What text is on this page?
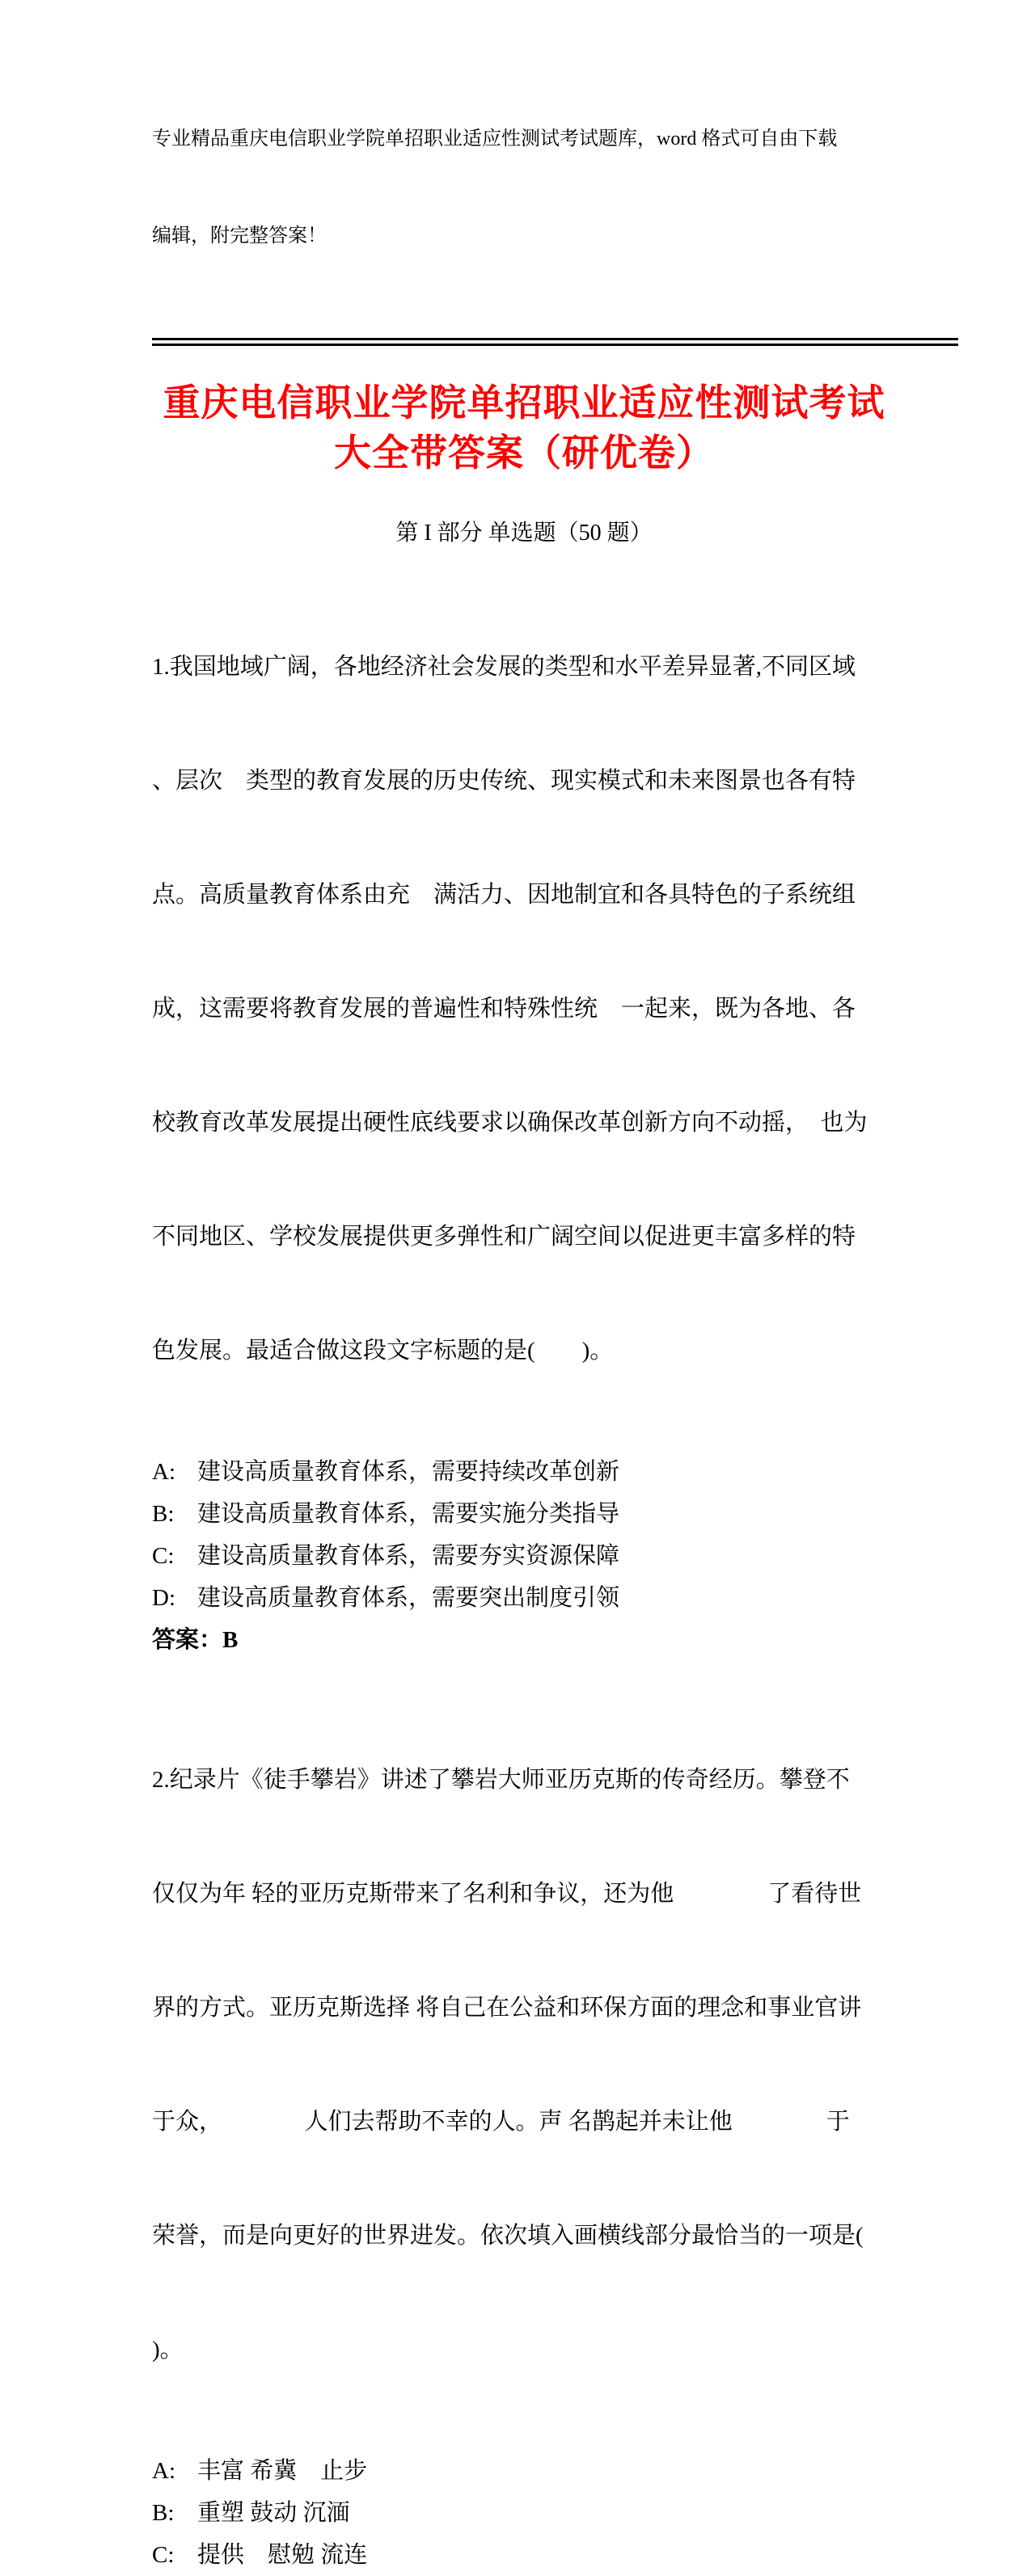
专业精品重庆电信职业学院单招职业适应性测试考试题库，word 格式可自由下载

编辑，附完整答案！

重庆电信职业学院单招职业适应性测试考试
大全带答案（研优卷）
第 I 部分 单选题（50 题）

1.我国地域广阔，各地经济社会发展的类型和水平差异显著,不同区域

、层次　类型的教育发展的历史传统、现实模式和未来图景也各有特

点。高质量教育体系由充　满活力、因地制宜和各具特色的子系统组

成，这需要将教育发展的普遍性和特殊性统　一起来，既为各地、各

校教育改革发展提出硬性底线要求以确保改革创新方向不动摇，　也为

不同地区、学校发展提供更多弹性和广阔空间以促进更丰富多样的特

色发展。最适合做这段文字标题的是(　　)。

A: 建设高质量教育体系，需要持续改革创新
B: 建设高质量教育体系，需要实施分类指导
C: 建设高质量教育体系，需要夯实资源保障
D: 建设高质量教育体系，需要突出制度引领
答案：B

2.纪录片《徒手攀岩》讲述了攀岩大师亚历克斯的传奇经历。攀登不

仅仅为年 轻的亚历克斯带来了名利和争议，还为他　　　　了看待世

界的方式。亚历克斯选择 将自己在公益和环保方面的理念和事业官讲

于众，　　　　人们去帮助不幸的人。声 名鹊起并未让他　　　　于

荣誉，而是向更好的世界进发。依次填入画横线部分最恰当的一项是(

)。

A: 丰富 希冀　止步
B: 重塑 鼓动 沉湎
C: 提供　慰勉 流连
